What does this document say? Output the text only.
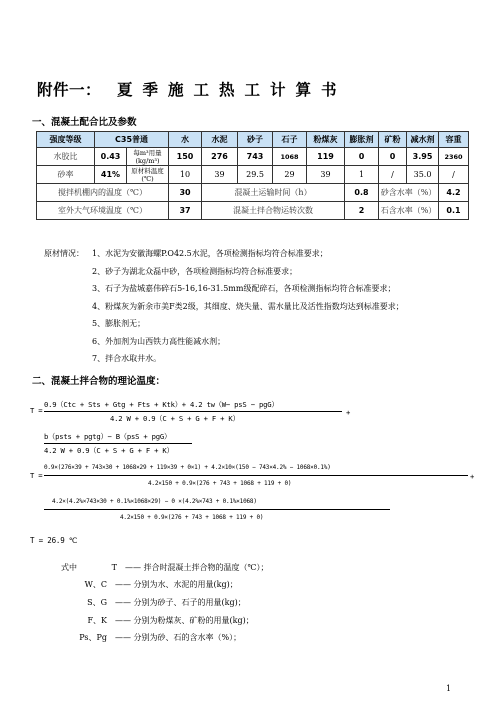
附件一： 夏季施工热工计算书
一、混凝土配合比及参数
强度等级	C35普通		水	水泥	砂子	石子	粉煤灰	膨胀剂	矿粉	减水剂	容重
水胶比	0.43	每m³用量(kg/m³)	150	276	743	1068	119	0	0	3.95	2360
砂率	41%	原材料温度(℃)	10	39	29.5	29	39	1	/	35.0	/
搅拌机棚内的温度（℃）			30	混凝土运输时间（h）				0.8	砂含水率（%）		4.2
室外大气环境温度（℃）			37	混凝土拌合物运转次数				2	石含水率（%）		0.1
原材情况： 1、水泥为安徽海螺P.O42.5水泥，各项检测指标均符合标准要求；
2、砂子为湖北众磊中砂，各项检测指标均符合标准要求；
3、石子为盐城嘉伟碎石5-16,16-31.5mm级配碎石，各项检测指标均符合标准要求；
4、粉煤灰为新余市美F类2级，其细度、烧失量、需水量比及活性指数均达到标准要求；
5、膨胀剂无；
6、外加剂为山西铁力高性能减水剂；
7、拌合水取井水。
二、混凝土拌合物的理论温度：
0.9（Ctc + Sts + Gtg + Fts + Ktk）+ 4.2 tw（W− psS − pgG）
T =	+
4.2 W + 0.9（C + S + G + F + K）
b（psts + pgtg）− B（psS + pgG）
4.2 W + 0.9（C + S + G + F + K）
0.9×(276×39 + 743×30 + 1068×29 + 119×39 + 0×1) + 4.2×10×(150 − 743×4.2% − 1068×0.1%)
T =	+
4.2×150 + 0.9×(276 + 743 + 1068 + 119 + 0)
4.2×(4.2%×743×30 + 0.1%×1068×29) − 0 ×(4.2%×743 + 0.1%×1068)
4.2×150 + 0.9×(276 + 743 + 1068 + 119 + 0)
T = 26.9 ℃
式中	T —— 拌合时混凝土拌合物的温度（℃）；
W、C —— 分别为水、水泥的用量(kg)；
S、G —— 分别为砂子、石子的用量(kg)；
F、K —— 分别为粉煤灰、矿粉的用量(kg)；
Ps、Pg —— 分别为砂、石的含水率（%）；
1
